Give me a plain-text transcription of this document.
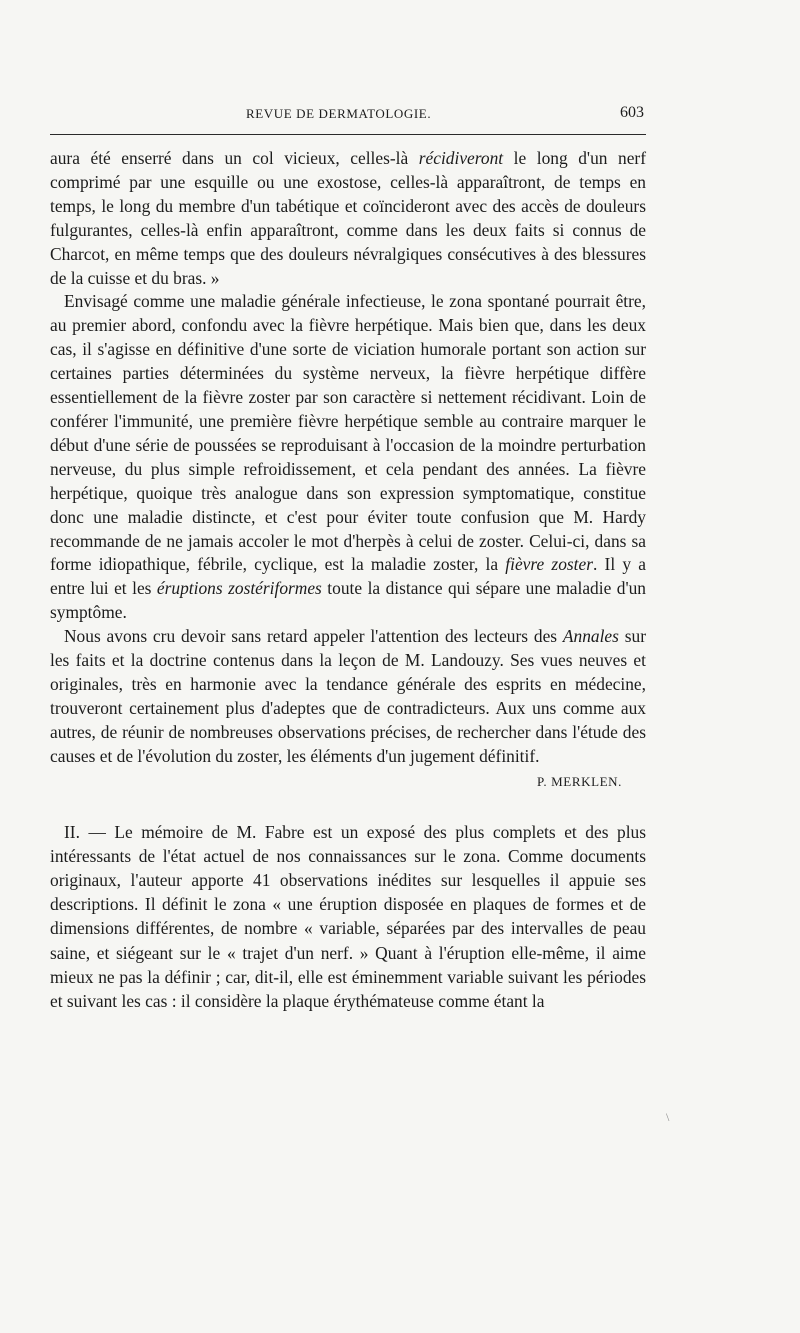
REVUE DE DERMATOLOGIE.	603

aura été enserré dans un col vicieux, celles-là récidiveront le long d'un nerf comprimé par une esquille ou une exostose, celles-là apparaîtront, de temps en temps, le long du membre d'un tabétique et coïncideront avec des accès de douleurs fulgurantes, celles-là enfin apparaîtront, comme dans les deux faits si connus de Charcot, en même temps que des douleurs névralgiques consécutives à des blessures de la cuisse et du bras. »

Envisagé comme une maladie générale infectieuse, le zona spontané pourrait être, au premier abord, confondu avec la fièvre herpétique. Mais bien que, dans les deux cas, il s'agisse en définitive d'une sorte de viciation humorale portant son action sur certaines parties déterminées du système nerveux, la fièvre herpétique diffère essentiellement de la fièvre zoster par son caractère si nettement récidivant. Loin de conférer l'immunité, une première fièvre herpétique semble au contraire marquer le début d'une série de poussées se reproduisant à l'occasion de la moindre perturbation nerveuse, du plus simple refroidissement, et cela pendant des années. La fièvre herpétique, quoique très analogue dans son expression symptomatique, constitue donc une maladie distincte, et c'est pour éviter toute confusion que M. Hardy recommande de ne jamais accoler le mot d'herpès à celui de zoster. Celui-ci, dans sa forme idiopathique, fébrile, cyclique, est la maladie zoster, la fièvre zoster. Il y a entre lui et les éruptions zostériformes toute la distance qui sépare une maladie d'un symptôme.

Nous avons cru devoir sans retard appeler l'attention des lecteurs des Annales sur les faits et la doctrine contenus dans la leçon de M. Landouzy. Ses vues neuves et originales, très en harmonie avec la tendance générale des esprits en médecine, trouveront certainement plus d'adeptes que de contradicteurs. Aux uns comme aux autres, de réunir de nombreuses observations précises, de rechercher dans l'étude des causes et de l'évolution du zoster, les éléments d'un jugement définitif.

P. MERKLEN.

II. — Le mémoire de M. Fabre est un exposé des plus complets et des plus intéressants de l'état actuel de nos connaissances sur le zona. Comme documents originaux, l'auteur apporte 41 observations inédites sur lesquelles il appuie ses descriptions. Il définit le zona « une éruption disposée en plaques de formes et de dimensions différentes, de nombre « variable, séparées par des intervalles de peau saine, et siégeant sur le « trajet d'un nerf. » Quant à l'éruption elle-même, il aime mieux ne pas la définir ; car, dit-il, elle est éminemment variable suivant les périodes et suivant les cas : il considère la plaque érythémateuse comme étant la

\
